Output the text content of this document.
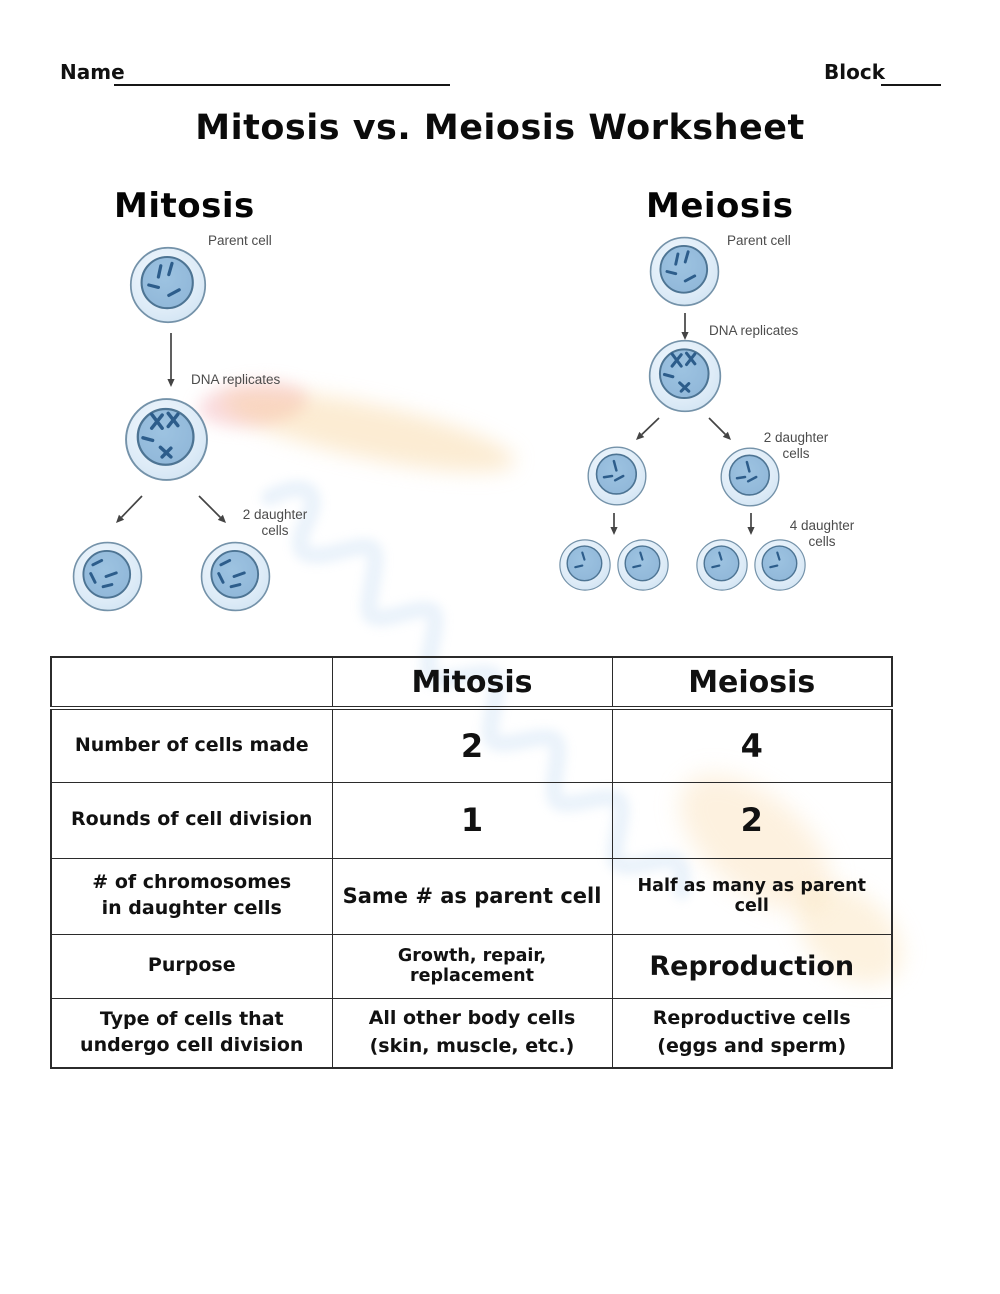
Name	Block
Mitosis vs. Meiosis Worksheet
Mitosis
Parent cell
DNA replicates
2 daughter cells
Meiosis
Parent cell
DNA replicates
2 daughter cells
4 daughter cells
	Mitosis	Meiosis
Number of cells made	2	4
Rounds of cell division	1	2
# of chromosomes in daughter cells	Same # as parent cell	Half as many as parent cell
Purpose	Growth, repair, replacement	Reproduction
Type of cells that undergo cell division	All other body cells (skin, muscle, etc.)	Reproductive cells (eggs and sperm)
